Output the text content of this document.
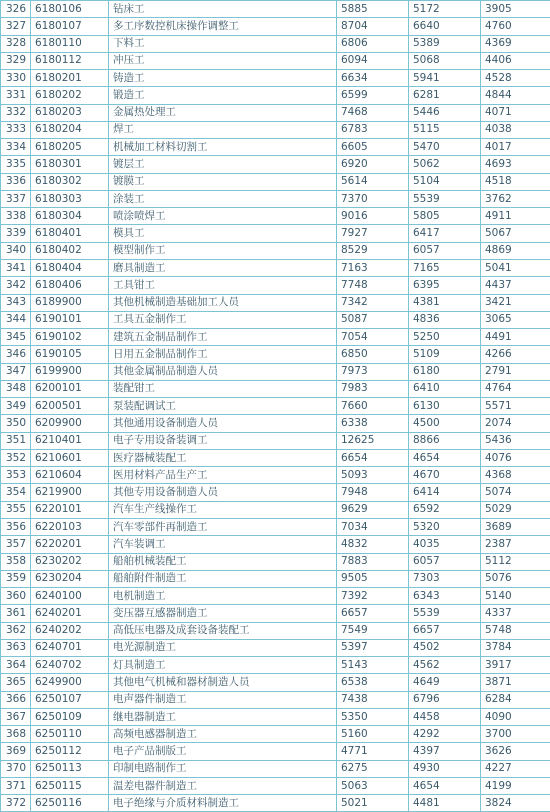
326	6180106	钻床工	5885	5172	3905
327	6180107	多工序数控机床操作调整工	8704	6640	4760
328	6180110	下料工	6806	5389	4369
329	6180112	冲压工	6094	5068	4406
330	6180201	铸造工	6634	5941	4528
331	6180202	锻造工	6599	6281	4844
332	6180203	金属热处理工	7468	5446	4071
333	6180204	焊工	6783	5115	4038
334	6180205	机械加工材料切割工	6605	5470	4017
335	6180301	镀层工	6920	5062	4693
336	6180302	镀膜工	5614	5104	4518
337	6180303	涂装工	7370	5539	3762
338	6180304	喷涂喷焊工	9016	5805	4911
339	6180401	模具工	7927	6417	5067
340	6180402	模型制作工	8529	6057	4869
341	6180404	磨具制造工	7163	7165	5041
342	6180406	工具钳工	7748	6395	4437
343	6189900	其他机械制造基础加工人员	7342	4381	3421
344	6190101	工具五金制作工	5087	4836	3065
345	6190102	建筑五金制品制作工	7054	5250	4491
346	6190105	日用五金制品制作工	6850	5109	4266
347	6199900	其他金属制品制造人员	7973	6180	2791
348	6200101	装配钳工	7983	6410	4764
349	6200501	泵装配调试工	7660	6130	5571
350	6209900	其他通用设备制造人员	6338	4500	2074
351	6210401	电子专用设备装调工	12625	8866	5436
352	6210601	医疗器械装配工	6654	4654	4076
353	6210604	医用材料产品生产工	5093	4670	4368
354	6219900	其他专用设备制造人员	7948	6414	5074
355	6220101	汽车生产线操作工	9629	6592	5029
356	6220103	汽车零部件再制造工	7034	5320	3689
357	6220201	汽车装调工	4832	4035	2387
358	6230202	船舶机械装配工	7883	6057	5112
359	6230204	船舶附件制造工	9505	7303	5076
360	6240100	电机制造工	7392	6343	5140
361	6240201	变压器互感器制造工	6657	5539	4337
362	6240202	高低压电器及成套设备装配工	7549	6657	5748
363	6240701	电光源制造工	5397	4502	3784
364	6240702	灯具制造工	5143	4562	3917
365	6249900	其他电气机械和器材制造人员	6538	4649	3871
366	6250107	电声器件制造工	7438	6796	6284
367	6250109	继电器制造工	5350	4458	4090
368	6250110	高频电感器制造工	5160	4292	3700
369	6250112	电子产品制版工	4771	4397	3626
370	6250113	印制电路制作工	6275	4930	4227
371	6250115	温差电器件制造工	5063	4654	4199
372	6250116	电子绝缘与介质材料制造工	5021	4481	3824
